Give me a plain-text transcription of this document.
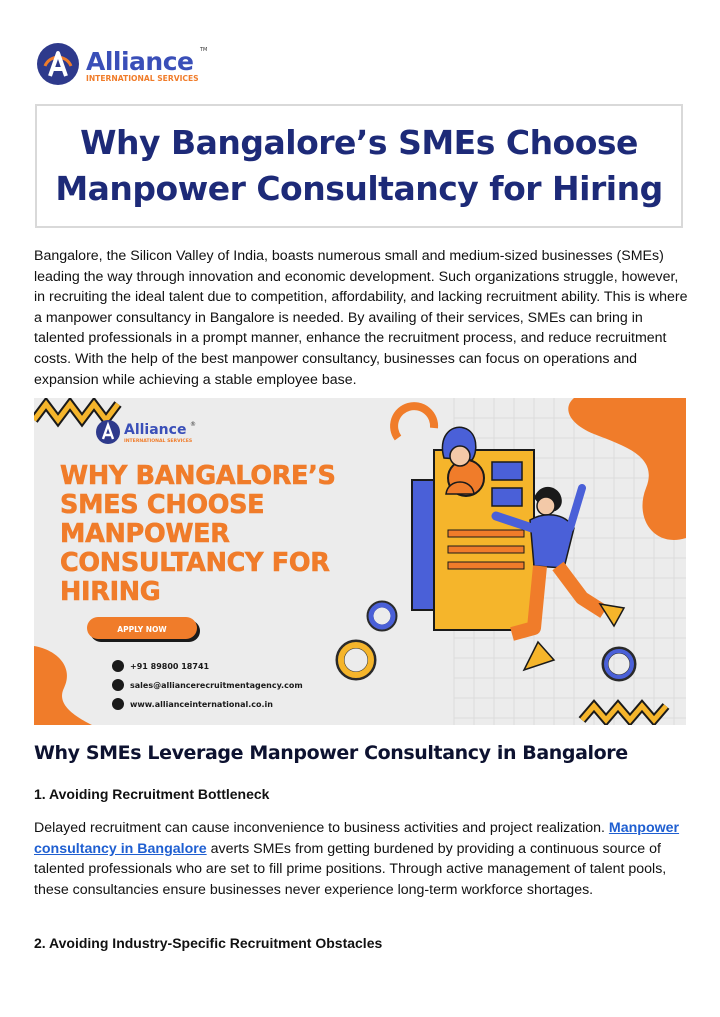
Alliance TM
INTERNATIONAL SERVICES
Why Bangalore’s SMEs Choose
Manpower Consultancy for Hiring

Bangalore, the Silicon Valley of India, boasts numerous small and medium-sized businesses (SMEs) leading the way through innovation and economic development. Such organizations struggle, however, in recruiting the ideal talent due to competition, affordability, and lacking recruitment ability. This is where a manpower consultancy in Bangalore is needed. By availing of their services, SMEs can bring in talented professionals in a prompt manner, enhance the recruitment process, and reduce recruitment costs. With the help of the best manpower consultancy, businesses can focus on operations and expansion while achieving a stable employee base.

Alliance ®
INTERNATIONAL SERVICES
WHY BANGALORE’S
SMES CHOOSE
MANPOWER
CONSULTANCY FOR
HIRING
APPLY NOW
+91 89800 18741
sales@alliancerecruitmentagency.com
www.allianceinternational.co.in
Why SMEs Leverage Manpower Consultancy in Bangalore
1. Avoiding Recruitment Bottleneck

Delayed recruitment can cause inconvenience to business activities and project realization. Manpower consultancy in Bangalore averts SMEs from getting burdened by providing a continuous source of talented professionals who are set to fill prime positions. Through active management of talent pools, these consultancies ensure businesses never experience long-term workforce shortages.

2. Avoiding Industry-Specific Recruitment Obstacles
